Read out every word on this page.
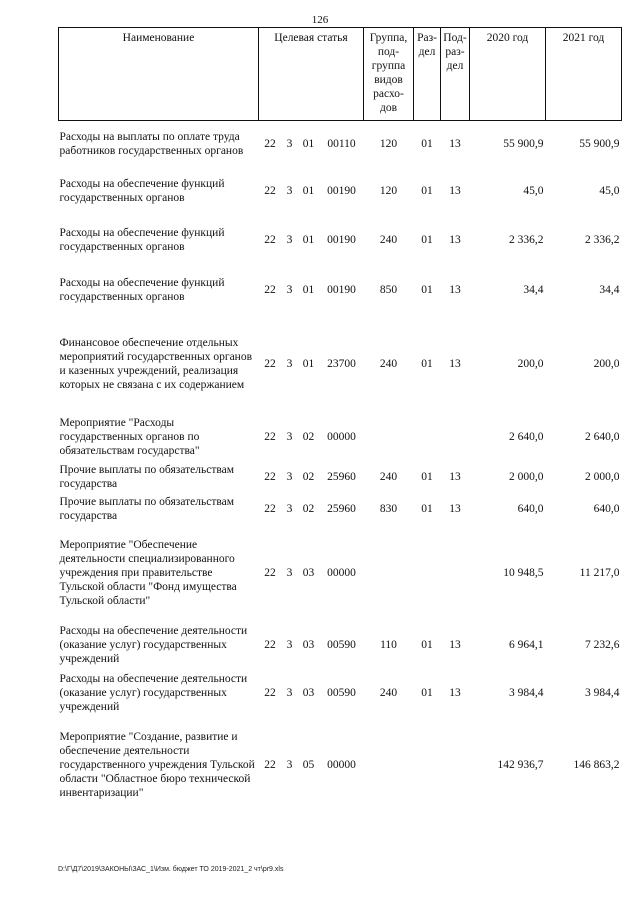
126
Наименование	Целевая статья				Группа, под-группа видов расхо-дов	Раз-дел	Под-раз-дел	2020 год	2021 год
Расходы на выплаты по оплате труда работников государственных органов	22	3	01	00110	120	01	13	55 900,9	55 900,9
Расходы на обеспечение функций государственных органов	22	3	01	00190	120	01	13	45,0	45,0
Расходы на обеспечение функций государственных органов	22	3	01	00190	240	01	13	2 336,2	2 336,2
Расходы на обеспечение функций государственных органов	22	3	01	00190	850	01	13	34,4	34,4
Финансовое обеспечение отдельных мероприятий государственных органов и казенных учреждений, реализация которых не связана с их содержанием	22	3	01	23700	240	01	13	200,0	200,0
Мероприятие "Расходы государственных органов по обязательствам государства"	22	3	02	00000				2 640,0	2 640,0
Прочие выплаты по обязательствам государства	22	3	02	25960	240	01	13	2 000,0	2 000,0
Прочие выплаты по обязательствам государства	22	3	02	25960	830	01	13	640,0	640,0
Мероприятие "Обеспечение деятельности специализированного учреждения при правительстве Тульской области "Фонд имущества Тульской области"	22	3	03	00000				10 948,5	11 217,0
Расходы на обеспечение деятельности (оказание услуг) государственных учреждений	22	3	03	00590	110	01	13	6 964,1	7 232,6
Расходы на обеспечение деятельности (оказание услуг) государственных учреждений	22	3	03	00590	240	01	13	3 984,4	3 984,4
Мероприятие "Создание, развитие и обеспечение деятельности государственного учреждения Тульской области "Областное бюро технической инвентаризации"	22	3	05	00000				142 936,7	146 863,2
D:\Г\Д7\2019\ЗАКОНЫ\ЗАС_1\Изм. бюджет ТО 2019-2021_2 чт\pr9.xls
